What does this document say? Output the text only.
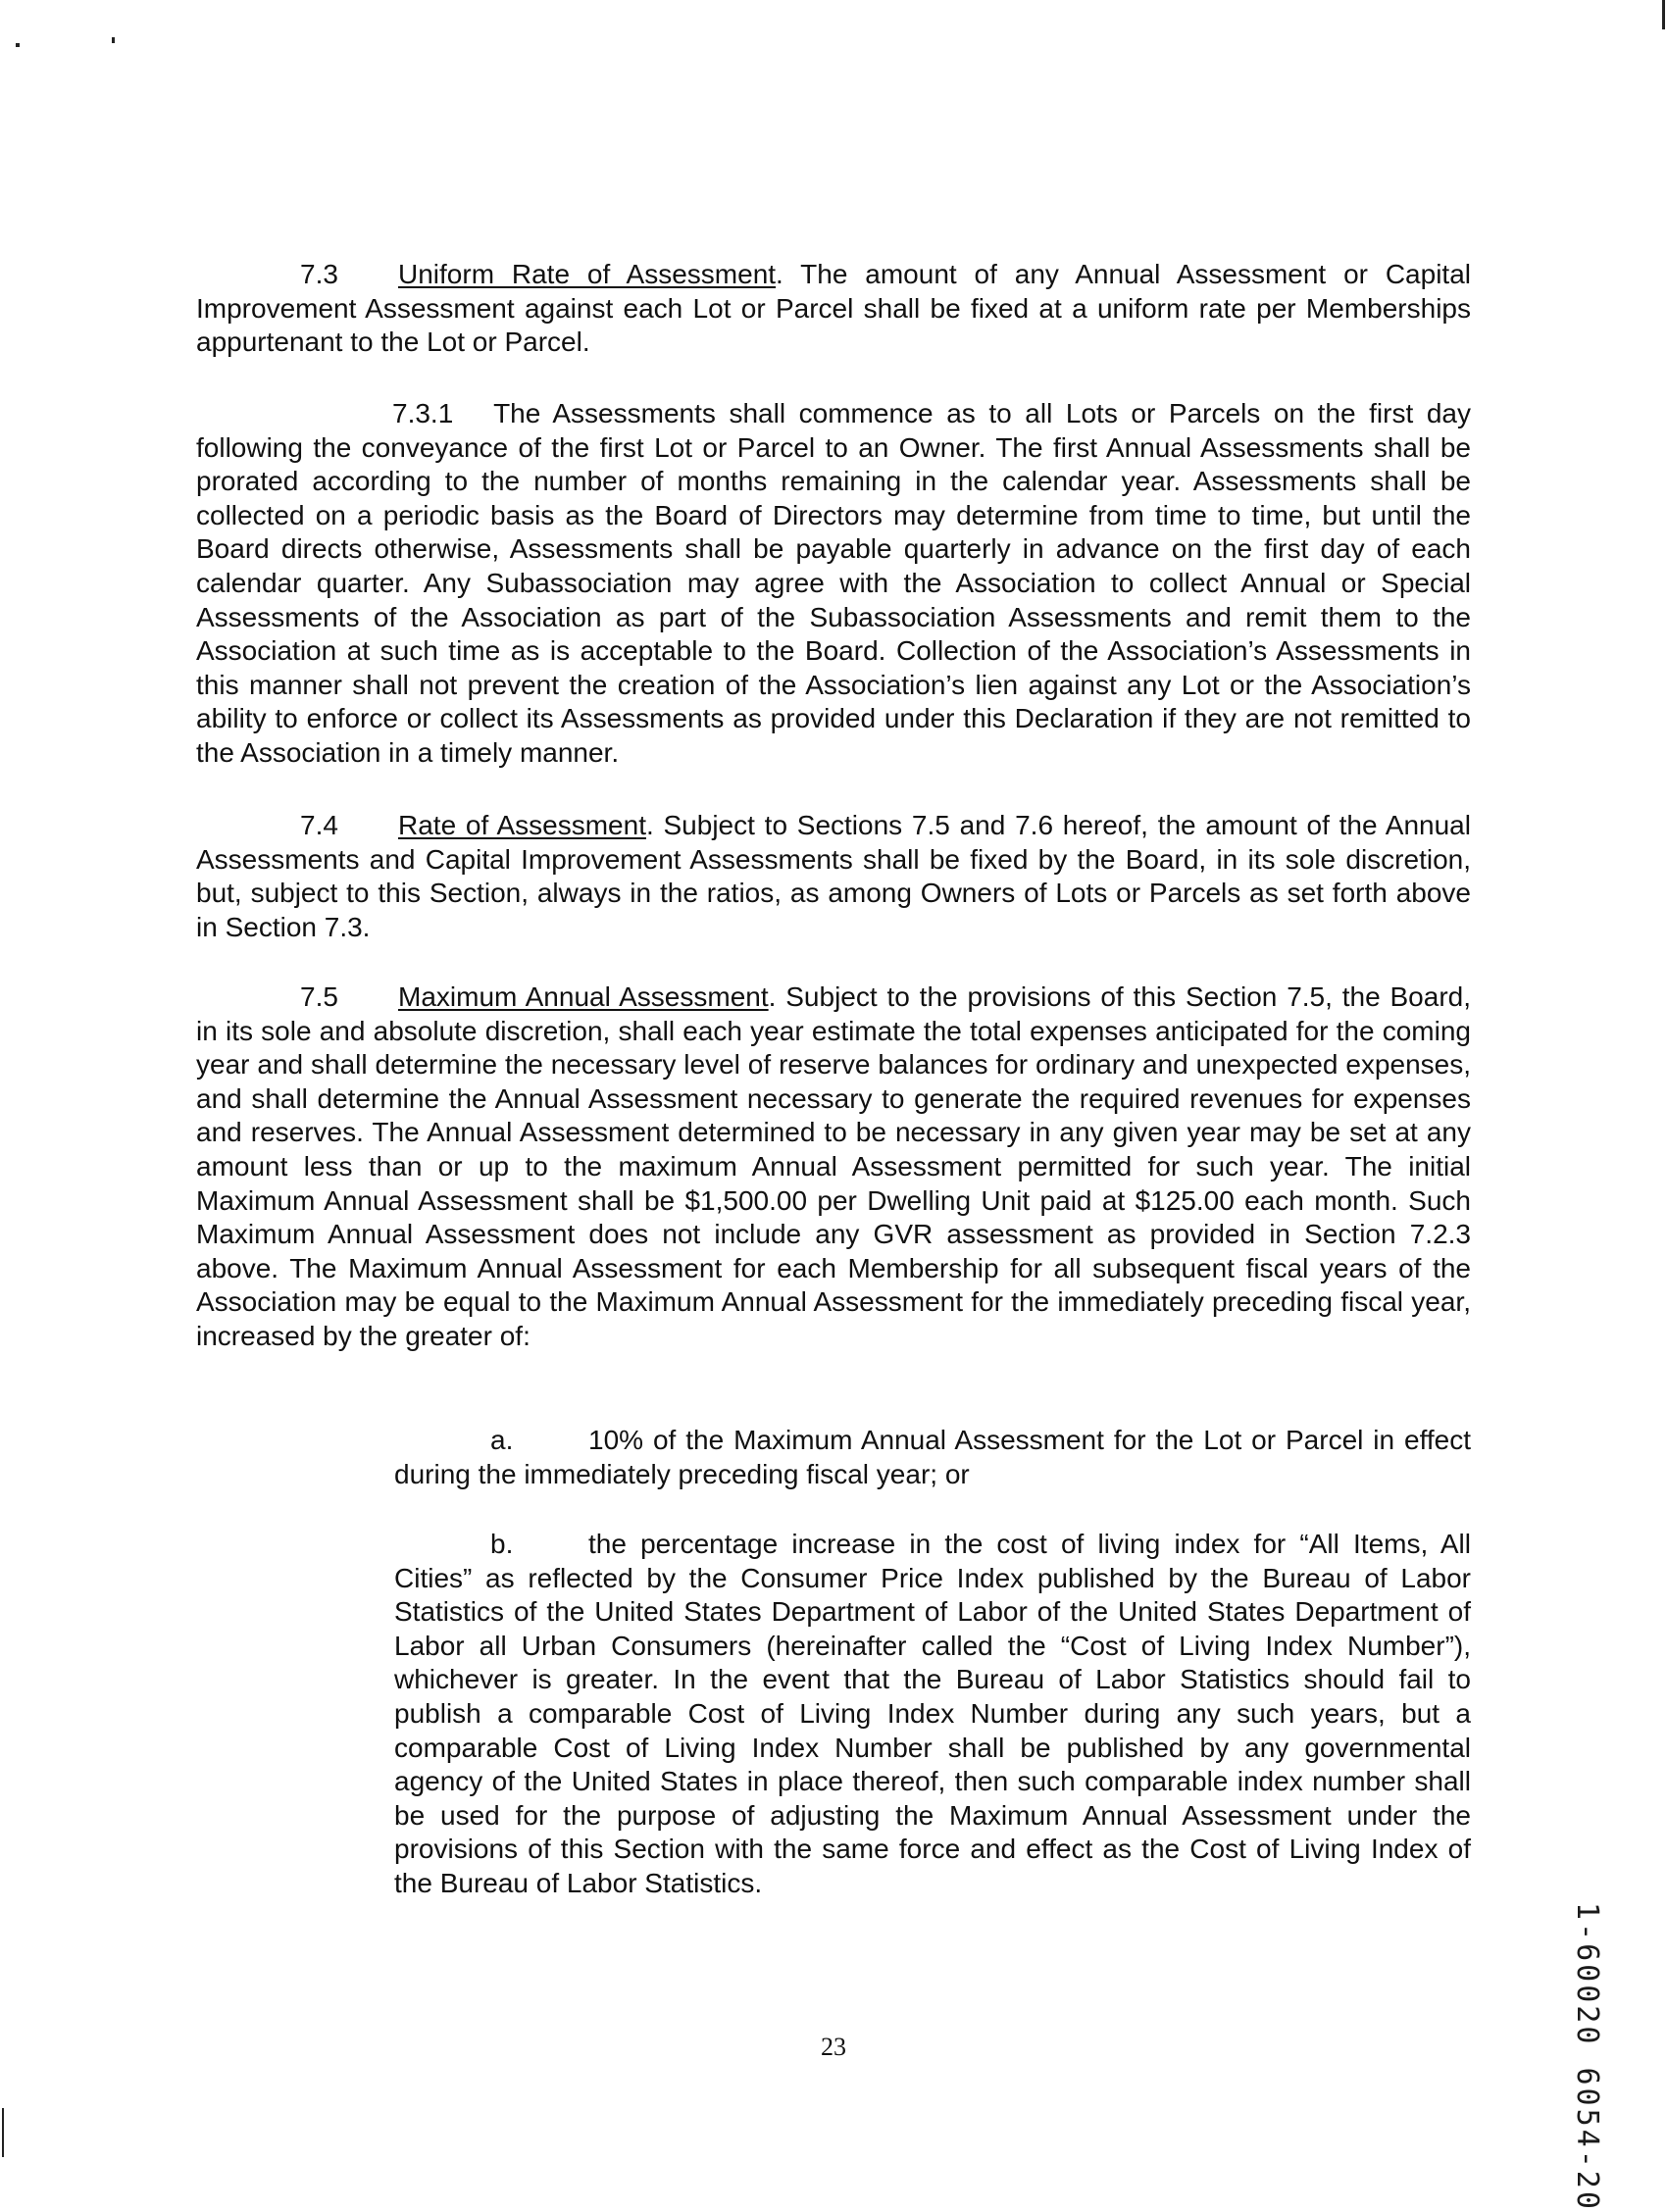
7.3 Uniform Rate of Assessment. The amount of any Annual Assessment or Capital Improvement Assessment against each Lot or Parcel shall be fixed at a uniform rate per Memberships appurtenant to the Lot or Parcel.

7.3.1 The Assessments shall commence as to all Lots or Parcels on the first day following the conveyance of the first Lot or Parcel to an Owner. The first Annual Assessments shall be prorated according to the number of months remaining in the calendar year. Assessments shall be collected on a periodic basis as the Board of Directors may determine from time to time, but until the Board directs otherwise, Assessments shall be payable quarterly in advance on the first day of each calendar quarter. Any Subassociation may agree with the Association to collect Annual or Special Assessments of the Association as part of the Subassociation Assessments and remit them to the Association at such time as is acceptable to the Board. Collection of the Association’s Assessments in this manner shall not prevent the creation of the Association’s lien against any Lot or the Association’s ability to enforce or collect its Assessments as provided under this Declaration if they are not remitted to the Association in a timely manner.

7.4 Rate of Assessment. Subject to Sections 7.5 and 7.6 hereof, the amount of the Annual Assessments and Capital Improvement Assessments shall be fixed by the Board, in its sole discretion, but, subject to this Section, always in the ratios, as among Owners of Lots or Parcels as set forth above in Section 7.3.

7.5 Maximum Annual Assessment. Subject to the provisions of this Section 7.5, the Board, in its sole and absolute discretion, shall each year estimate the total expenses anticipated for the coming year and shall determine the necessary level of reserve balances for ordinary and unexpected expenses, and shall determine the Annual Assessment necessary to generate the required revenues for expenses and reserves. The Annual Assessment determined to be necessary in any given year may be set at any amount less than or up to the maximum Annual Assessment permitted for such year. The initial Maximum Annual Assessment shall be $1,500.00 per Dwelling Unit paid at $125.00 each month. Such Maximum Annual Assessment does not include any GVR assessment as provided in Section 7.2.3 above. The Maximum Annual Assessment for each Membership for all subsequent fiscal years of the Association may be equal to the Maximum Annual Assessment for the immediately preceding fiscal year, increased by the greater of:

a.	10% of the Maximum Annual Assessment for the Lot or Parcel in effect during the immediately preceding fiscal year; or

b.	the percentage increase in the cost of living index for “All Items, All Cities” as reflected by the Consumer Price Index published by the Bureau of Labor Statistics of the United States Department of Labor of the United States Department of Labor all Urban Consumers (hereinafter called the “Cost of Living Index Number”), whichever is greater. In the event that the Bureau of Labor Statistics should fail to publish a comparable Cost of Living Index Number during any such years, but a comparable Cost of Living Index Number shall be published by any governmental agency of the United States in place thereof, then such comparable index number shall be used for the purpose of adjusting the Maximum Annual Assessment under the provisions of this Section with the same force and effect as the Cost of Living Index of the Bureau of Labor Statistics.

23	1-60020 6054-20
